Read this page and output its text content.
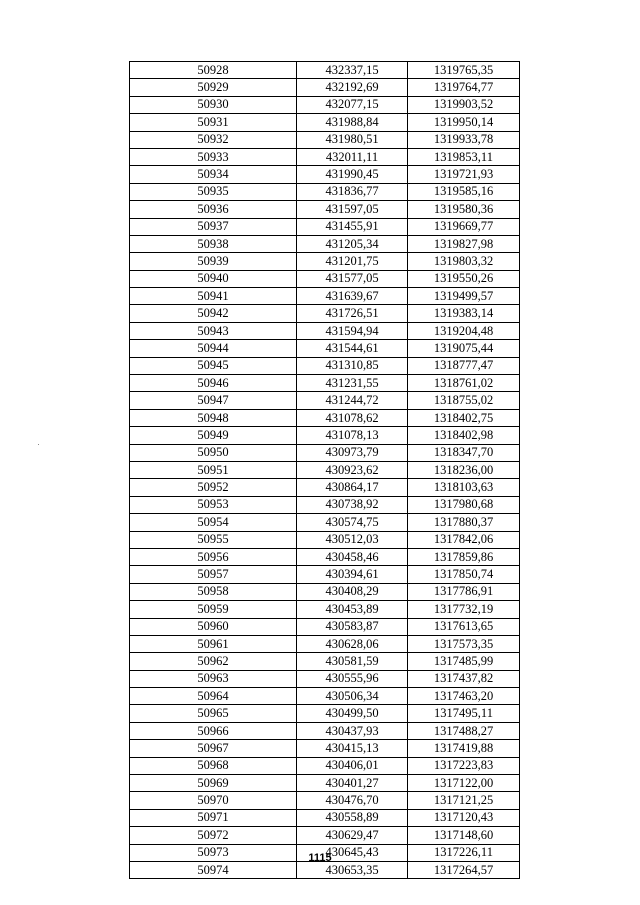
50928	432337,15	1319765,35
50929	432192,69	1319764,77
50930	432077,15	1319903,52
50931	431988,84	1319950,14
50932	431980,51	1319933,78
50933	432011,11	1319853,11
50934	431990,45	1319721,93
50935	431836,77	1319585,16
50936	431597,05	1319580,36
50937	431455,91	1319669,77
50938	431205,34	1319827,98
50939	431201,75	1319803,32
50940	431577,05	1319550,26
50941	431639,67	1319499,57
50942	431726,51	1319383,14
50943	431594,94	1319204,48
50944	431544,61	1319075,44
50945	431310,85	1318777,47
50946	431231,55	1318761,02
50947	431244,72	1318755,02
50948	431078,62	1318402,75
50949	431078,13	1318402,98
50950	430973,79	1318347,70
50951	430923,62	1318236,00
50952	430864,17	1318103,63
50953	430738,92	1317980,68
50954	430574,75	1317880,37
50955	430512,03	1317842,06
50956	430458,46	1317859,86
50957	430394,61	1317850,74
50958	430408,29	1317786,91
50959	430453,89	1317732,19
50960	430583,87	1317613,65
50961	430628,06	1317573,35
50962	430581,59	1317485,99
50963	430555,96	1317437,82
50964	430506,34	1317463,20
50965	430499,50	1317495,11
50966	430437,93	1317488,27
50967	430415,13	1317419,88
50968	430406,01	1317223,83
50969	430401,27	1317122,00
50970	430476,70	1317121,25
50971	430558,89	1317120,43
50972	430629,47	1317148,60
50973	430645,43	1317226,11
50974	430653,35	1317264,57
1115
